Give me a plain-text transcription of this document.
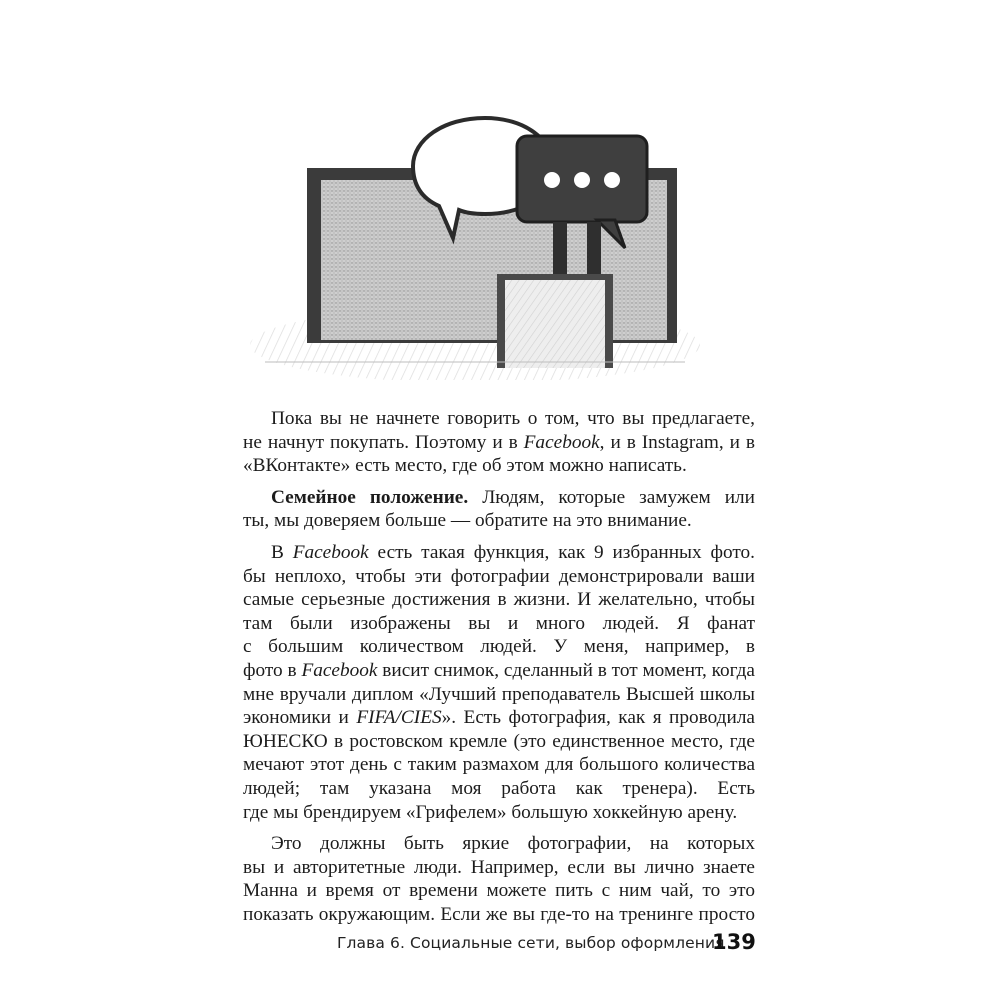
Пока вы не начнете говорить о том, что вы предлагаете,
не начнут покупать. Поэтому и в Facebook, и в Instagram, и в
«ВКонтакте» есть место, где об этом можно написать.
Семейное положение. Людям, которые замужем или
ты, мы доверяем больше — обратите на это внимание.
В Facebook есть такая функция, как 9 избранных фото.
бы неплохо, чтобы эти фотографии демонстрировали ваши
самые серьезные достижения в жизни. И желательно, чтобы
там были изображены вы и много людей. Я фанат
с большим количеством людей. У меня, например, в
фото в Facebook висит снимок, сделанный в тот момент, когда
мне вручали диплом «Лучший преподаватель Высшей школы
экономики и FIFA/CIES». Есть фотография, как я проводила
ЮНЕСКО в ростовском кремле (это единственное место, где
мечают этот день с таким размахом для большого количества
людей; там указана моя работа как тренера). Есть
где мы брендируем «Грифелем» большую хоккейную арену.
Это должны быть яркие фотографии, на которых
вы и авторитетные люди. Например, если вы лично знаете
Манна и время от времени можете пить с ним чай, то это
показать окружающим. Если же вы где-то на тренинге просто
Глава 6. Социальные сети, выбор оформления
139
